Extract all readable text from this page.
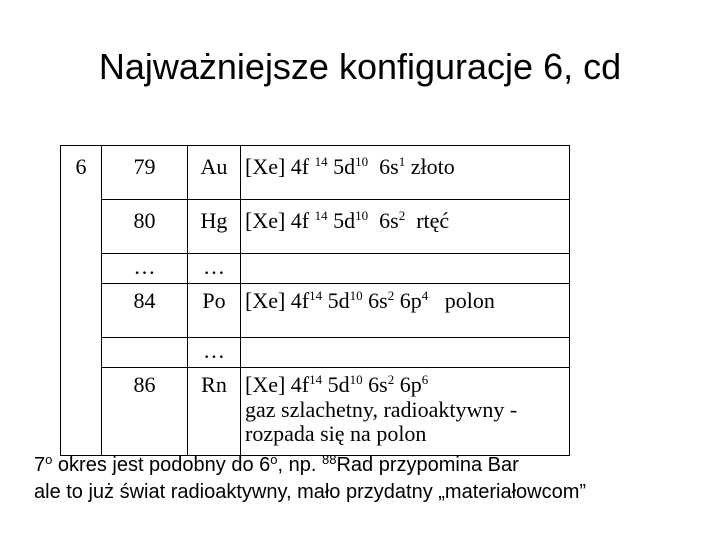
Najważniejsze konfiguracje 6, cd
6	79	Au	[Xe] 4f $^{14}$ $5d^{10}$ $6s^1$ złoto

	80	Hg	[Xe] 4f $^{14}$ $5d^{10}$ $6s^2$ rtęć

	…	…	

	84	Po	[Xe] $4f^{14}$ $5d^{10}$ $6s^2$ $6p^4$ polon

		…	

	86	Rn	[Xe] $4f^{14}$ $5d^{10}$ $6s^2$ $6p^6$
gaz szlachetny, radioaktywny -
rozpada się na polon
7$^o$ okres jest podobny do 6$^o$, np. $^{88}$Rad przypomina Bar
ale to już świat radioaktywny, mało przydatny „materiałowcom”
